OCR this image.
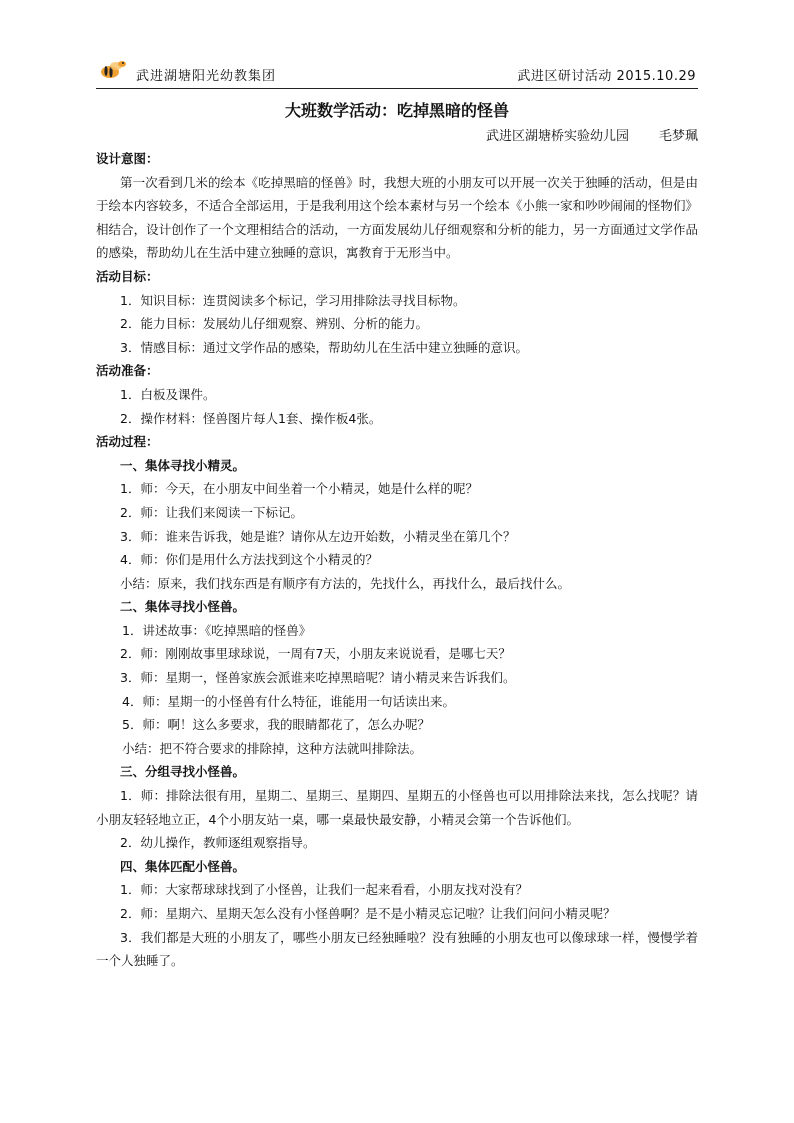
武进湖塘阳光幼教集团	武进区研讨活动 2015.10.29
大班数学活动：吃掉黑暗的怪兽
武进区湖塘桥实验幼儿园 毛梦珮

设计意图：

第一次看到几米的绘本《吃掉黑暗的怪兽》时，我想大班的小朋友可以开展一次关于独睡的活动，但是由于绘本内容较多，不适合全部运用，于是我利用这个绘本素材与另一个绘本《小熊一家和吵吵闹闹的怪物们》相结合，设计创作了一个文理相结合的活动，一方面发展幼儿仔细观察和分析的能力，另一方面通过文学作品的感染，帮助幼儿在生活中建立独睡的意识，寓教育于无形当中。

活动目标：

1．知识目标：连贯阅读多个标记，学习用排除法寻找目标物。

2．能力目标：发展幼儿仔细观察、辨别、分析的能力。

3．情感目标：通过文学作品的感染，帮助幼儿在生活中建立独睡的意识。

活动准备：

1．白板及课件。

2．操作材料：怪兽图片每人1套、操作板4张。

活动过程：

一、集体寻找小精灵。

1．师：今天，在小朋友中间坐着一个小精灵，她是什么样的呢？

2．师：让我们来阅读一下标记。

3．师：谁来告诉我，她是谁？请你从左边开始数，小精灵坐在第几个？

4．师：你们是用什么方法找到这个小精灵的？

小结：原来，我们找东西是有顺序有方法的，先找什么，再找什么，最后找什么。

二、集体寻找小怪兽。

1．讲述故事：《吃掉黑暗的怪兽》

2．师：刚刚故事里球球说，一周有7天，小朋友来说说看，是哪七天？

3．师：星期一，怪兽家族会派谁来吃掉黑暗呢？请小精灵来告诉我们。

4．师：星期一的小怪兽有什么特征，谁能用一句话读出来。

5．师：啊！这么多要求，我的眼睛都花了，怎么办呢？

小结：把不符合要求的排除掉，这种方法就叫排除法。

三、分组寻找小怪兽。

1．师：排除法很有用，星期二、星期三、星期四、星期五的小怪兽也可以用排除法来找，怎么找呢？请小朋友轻轻地立正，4个小朋友站一桌，哪一桌最快最安静，小精灵会第一个告诉他们。

2．幼儿操作，教师逐组观察指导。

四、集体匹配小怪兽。

1．师：大家帮球球找到了小怪兽，让我们一起来看看，小朋友找对没有？

2．师：星期六、星期天怎么没有小怪兽啊？是不是小精灵忘记啦？让我们问问小精灵呢？

3．我们都是大班的小朋友了，哪些小朋友已经独睡啦？没有独睡的小朋友也可以像球球一样，慢慢学着一个人独睡了。
